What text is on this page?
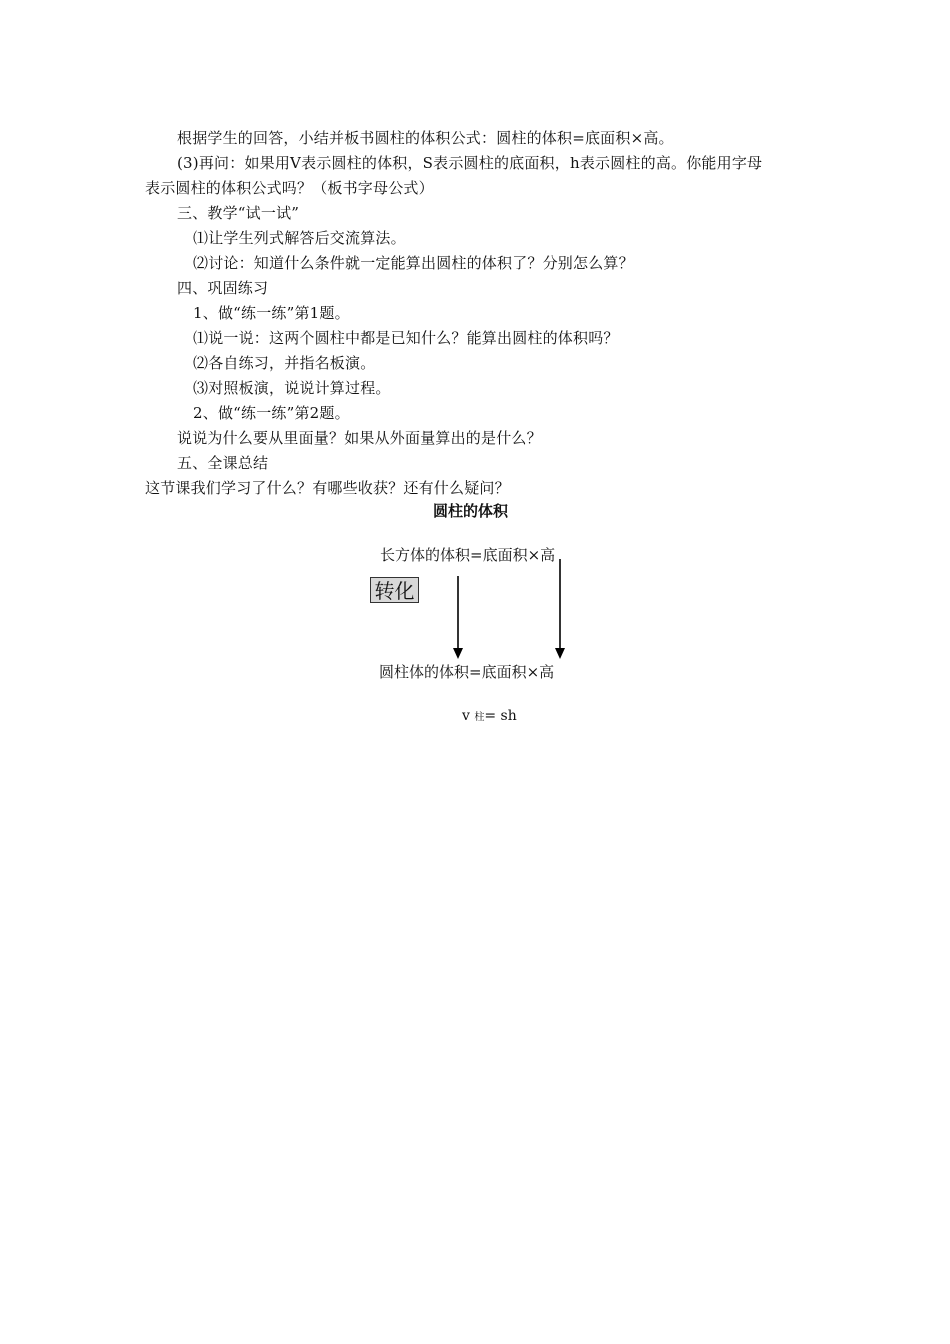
根据学生的回答，小结并板书圆柱的体积公式：圆柱的体积=底面积×高。
(3)再问：如果用V表示圆柱的体积，S表示圆柱的底面积，h表示圆柱的高。你能用字母
表示圆柱的体积公式吗？（板书字母公式）
三、教学“试一试”
⑴让学生列式解答后交流算法。
⑵讨论：知道什么条件就一定能算出圆柱的体积了？分别怎么算？
四、巩固练习
1、做“练一练”第1题。
⑴说一说：这两个圆柱中都是已知什么？能算出圆柱的体积吗？
⑵各自练习，并指名板演。
⑶对照板演，说说计算过程。
2、做“练一练”第2题。
说说为什么要从里面量？如果从外面量算出的是什么？
五、全课总结
这节课我们学习了什么？有哪些收获？还有什么疑问？
圆柱的体积
长方体的体积=底面积×高
转化
圆柱体的体积=底面积×高
v 柱= sh
